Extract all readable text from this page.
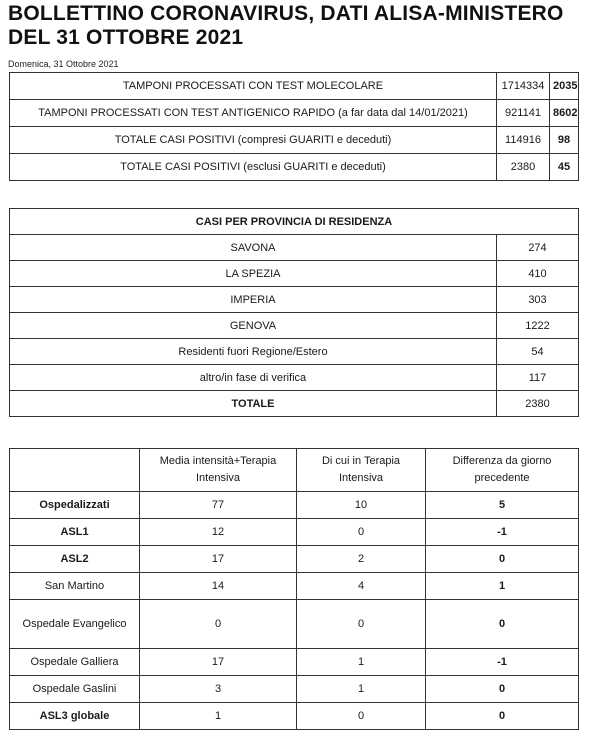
BOLLETTINO CORONAVIRUS, DATI ALISA-MINISTERO DEL 31 OTTOBRE 2021
Domenica, 31 Ottobre 2021
TAMPONI PROCESSATI CON TEST MOLECOLARE	1714334	2035
TAMPONI PROCESSATI CON TEST ANTIGENICO RAPIDO (a far data dal 14/01/2021)	921141	8602
TOTALE CASI POSITIVI (compresi GUARITI e deceduti)	114916	98
TOTALE CASI POSITIVI (esclusi GUARITI e deceduti)	2380	45
CASI PER PROVINCIA DI RESIDENZA	
SAVONA	274
LA SPEZIA	410
IMPERIA	303
GENOVA	1222
Residenti fuori Regione/Estero	54
altro/in fase di verifica	117
TOTALE	2380
	Media intensità+Terapia Intensiva	Di cui in Terapia Intensiva	Differenza da giorno precedente
Ospedalizzati	77	10	5
ASL1	12	0	-1
ASL2	17	2	0
San Martino	14	4	1
Ospedale Evangelico	0	0	0
Ospedale Galliera	17	1	-1
Ospedale Gaslini	3	1	0
ASL3 globale	1	0	0
